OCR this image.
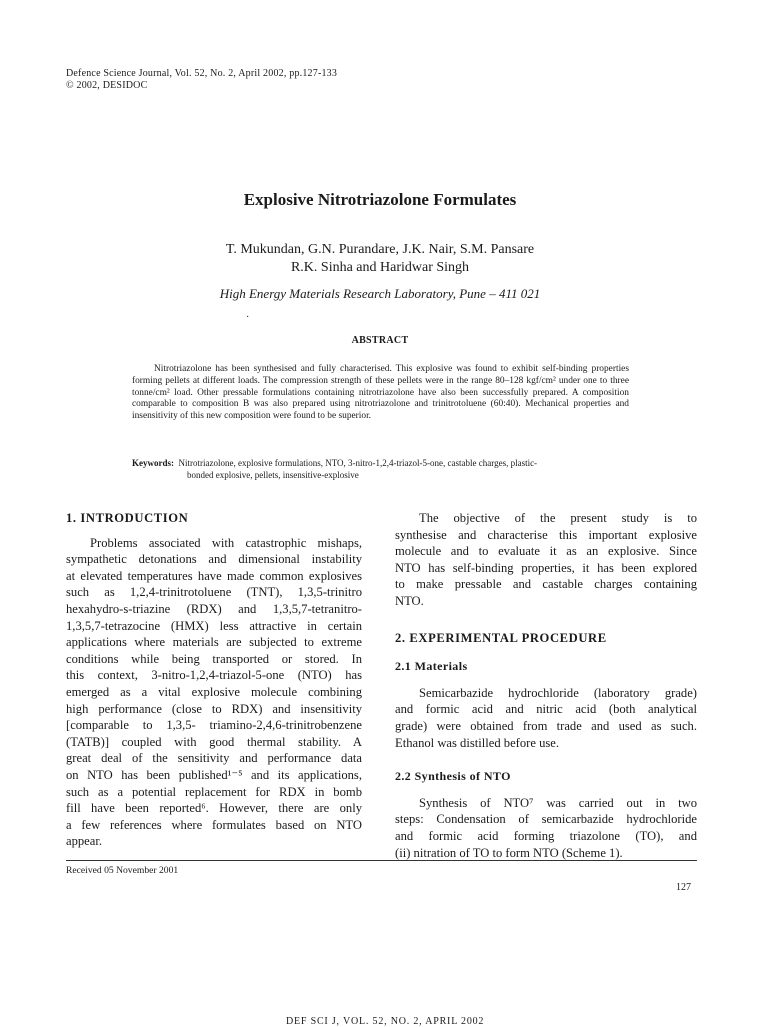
Defence Science Journal, Vol. 52, No. 2, April 2002, pp.127-133
© 2002, DESIDOC
Explosive Nitrotriazolone Formulates
T. Mukundan, G.N. Purandare, J.K. Nair, S.M. Pansare
R.K. Sinha and Haridwar Singh
High Energy Materials Research Laboratory, Pune – 411 021
·
ABSTRACT

Nitrotriazolone has been synthesised and fully characterised. This explosive was found to exhibit self-binding properties forming pellets at different loads. The compression strength of these pellets were in the range 80–128 kgf/cm² under one to three tonne/cm² load. Other pressable formulations containing nitrotriazolone have also been successfully prepared. A composition comparable to composition B was also prepared using nitrotriazolone and trinitrotoluene (60:40). Mechanical properties and insensitivity of this new composition were found to be superior.

Keywords: Nitrotriazolone, explosive formulations, NTO, 3-nitro-1,2,4-triazol-5-one, castable charges, plastic-
bonded explosive, pellets, insensitive-explosive
1. INTRODUCTION
Problems associated with catastrophic mishaps,
sympathetic detonations and dimensional instability
at elevated temperatures have made common explosives
such as 1,2,4-trinitrotoluene (TNT), 1,3,5-trinitro
hexahydro-s-triazine (RDX) and 1,3,5,7-tetranitro-
1,3,5,7-tetrazocine (HMX) less attractive in certain
applications where materials are subjected to extreme
conditions while being transported or stored. In
this context, 3-nitro-1,2,4-triazol-5-one (NTO) has
emerged as a vital explosive molecule combining
high performance (close to RDX) and insensitivity
[comparable to 1,3,5- triamino-2,4,6-trinitrobenzene
(TATB)] coupled with good thermal stability. A
great deal of the sensitivity and performance data
on NTO has been published¹⁻⁵ and its applications,
such as a potential replacement for RDX in bomb
fill have been reported⁶. However, there are only
a few references where formulates based on NTO
appear.
The objective of the present study is to
synthesise and characterise this important explosive
molecule and to evaluate it as an explosive. Since
NTO has self-binding properties, it has been explored
to make pressable and castable charges containing
NTO.
2. EXPERIMENTAL PROCEDURE
2.1 Materials
Semicarbazide hydrochloride (laboratory grade)
and formic acid and nitric acid (both analytical
grade) were obtained from trade and used as such.
Ethanol was distilled before use.
2.2 Synthesis of NTO
Synthesis of NTO⁷ was carried out in two
steps: Condensation of semicarbazide hydrochloride
and formic acid forming triazolone (TO), and
(ii) nitration of TO to form NTO (Scheme 1).
Received 05 November 2001
127
DEF SCI J, VOL. 52, NO. 2, APRIL 2002
